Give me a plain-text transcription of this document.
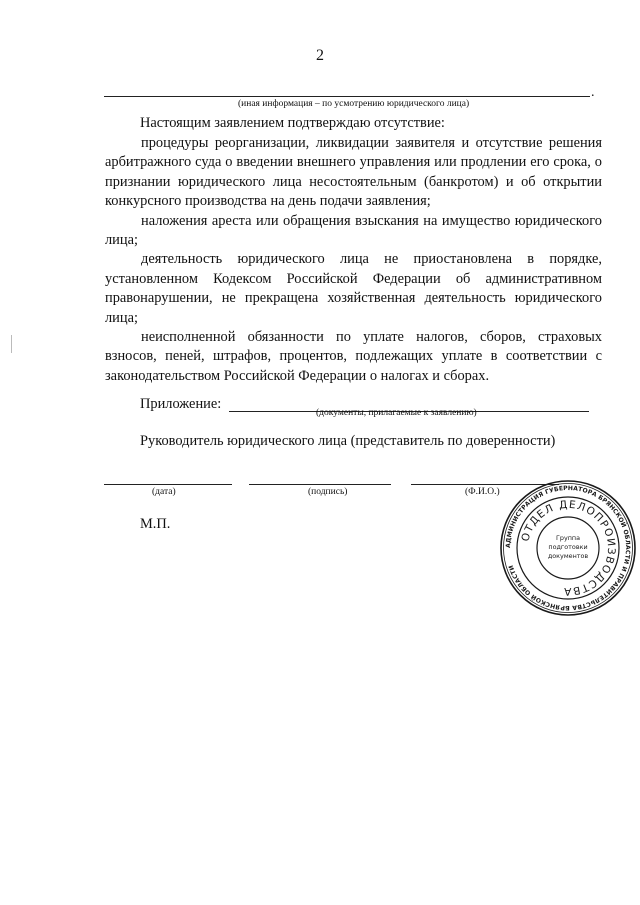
2
.
(иная информация – по усмотрению юридического лица)
Настоящим заявлением подтверждаю отсутствие:

процедуры реорганизации, ликвидации заявителя и отсутствие решения арбитражного суда о введении внешнего управления или продлении его срока, о признании юридического лица несостоятельным (банкротом) и об открытии конкурсного производства на день подачи заявления;

наложения ареста или обращения взыскания на имущество юридического лица;

деятельность юридического лица не приостановлена в порядке, установленном Кодексом Российской Федерации об административном правонарушении, не прекращена хозяйственная деятельность юридического лица;

неисполненной обязанности по уплате налогов, сборов, страховых взносов, пеней, штрафов, процентов, подлежащих уплате в соответствии с законодательством Российской Федерации о налогах и сборах.

Приложение:
(документы, прилагаемые к заявлению)
Руководитель юридического лица (представитель по доверенности)
(дата)	(подпись)	(Ф.И.О.)
М.П.
АДМИНИСТРАЦИЯ ГУБЕРНАТОРА БРЯНСКОЙ ОБЛАСТИ И ПРАВИТЕЛЬСТВА БРЯНСКОЙ ОБЛАСТИ
ОТДЕЛ ДЕЛОПРОИЗВОДСТВА
Группа
подготовки
документов
